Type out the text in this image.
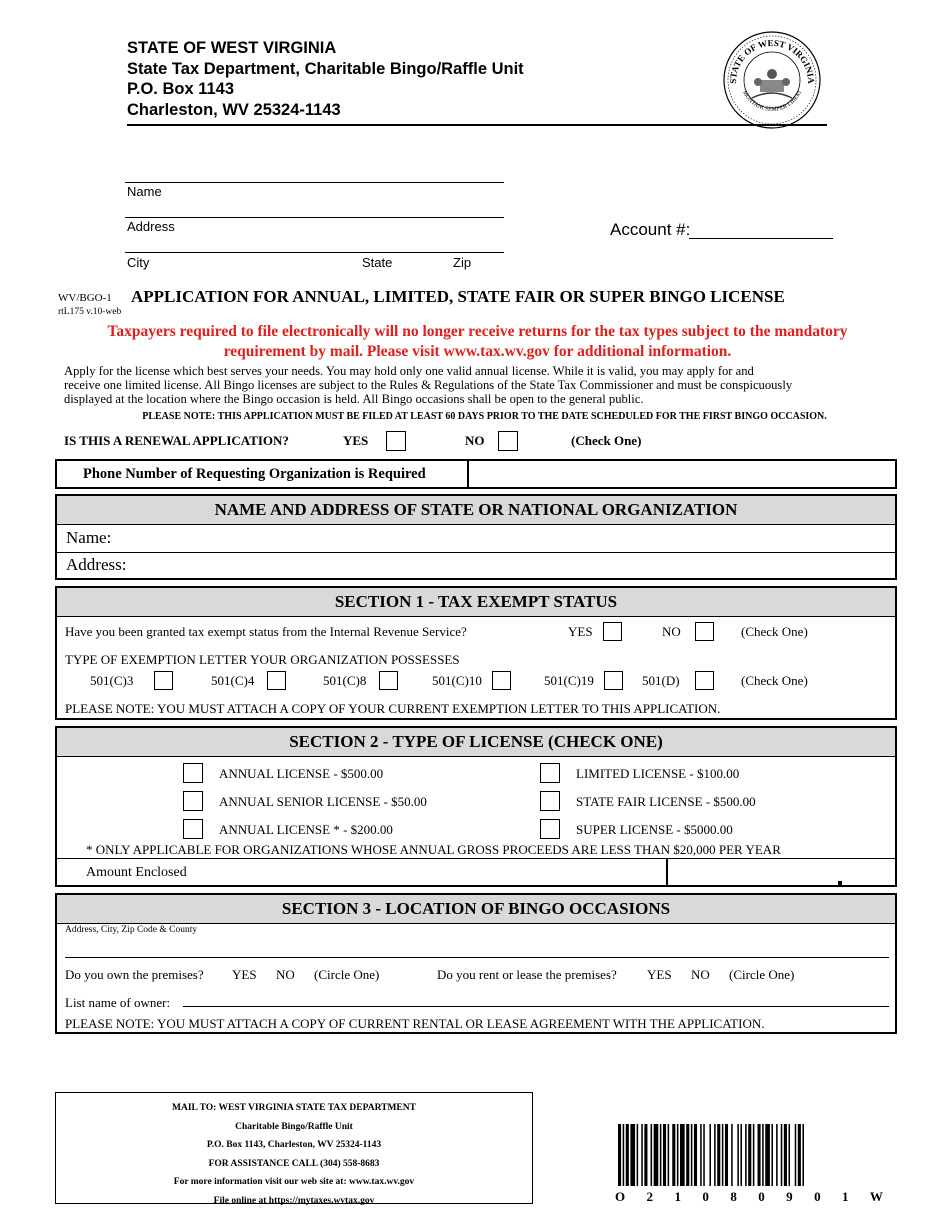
STATE OF WEST VIRGINIA
State Tax Department, Charitable Bingo/Raffle Unit
P.O. Box 1143
Charleston, WV 25324-1143
STATE OF WEST VIRGINIA
MONTANI SEMPER LIBERI
Name
Address
City	State	Zip
Account #:
WV/BGO-1
rtL175 v.10-web
APPLICATION FOR ANNUAL, LIMITED, STATE FAIR OR SUPER BINGO LICENSE
Taxpayers required to file electronically will no longer receive returns for the tax types subject to the mandatory
requirement by mail. Please visit www.tax.wv.gov for additional information.
Apply for the license which best serves your needs. You may hold only one valid annual license. While it is valid, you may apply for and
receive one limited license. All Bingo licenses are subject to the Rules & Regulations of the State Tax Commissioner and must be conspicuously
displayed at the location where the Bingo occasion is held. All Bingo occasions shall be open to the general public.
PLEASE NOTE: THIS APPLICATION MUST BE FILED AT LEAST 60 DAYS PRIOR TO THE DATE SCHEDULED FOR THE FIRST BINGO OCCASION.
IS THIS A RENEWAL APPLICATION?	YES	NO	(Check One)
Phone Number of Requesting Organization is Required
NAME AND ADDRESS OF STATE OR NATIONAL ORGANIZATION
Name:
Address:
SECTION 1 - TAX EXEMPT STATUS
Have you been granted tax exempt status from the Internal Revenue Service?	YES	NO	(Check One)
TYPE OF EXEMPTION LETTER YOUR ORGANIZATION POSSESSES
501(C)3	501(C)4	501(C)8	501(C)10	501(C)19	501(D)	(Check One)
PLEASE NOTE: YOU MUST ATTACH A COPY OF YOUR CURRENT EXEMPTION LETTER TO THIS APPLICATION.
SECTION 2 - TYPE OF LICENSE (CHECK ONE)
ANNUAL LICENSE - $500.00
ANNUAL SENIOR LICENSE - $50.00
ANNUAL LICENSE * - $200.00
LIMITED LICENSE - $100.00
STATE FAIR LICENSE - $500.00
SUPER LICENSE - $5000.00
* ONLY APPLICABLE FOR ORGANIZATIONS WHOSE ANNUAL GROSS PROCEEDS ARE LESS THAN $20,000 PER YEAR
Amount Enclosed
SECTION 3 - LOCATION OF BINGO OCCASIONS
Address, City, Zip Code & County
Do you own the premises? YES NO (Circle One)	Do you rent or lease the premises? YES NO (Circle One)
List name of owner:
PLEASE NOTE: YOU MUST ATTACH A COPY OF CURRENT RENTAL OR LEASE AGREEMENT WITH THE APPLICATION.
MAIL TO: WEST VIRGINIA STATE TAX DEPARTMENT
Charitable Bingo/Raffle Unit
P.O. Box 1143, Charleston, WV 25324-1143
FOR ASSISTANCE CALL (304) 558-8683
For more information visit our web site at: www.tax.wv.gov
File online at https://mytaxes.wvtax.gov	O 2 1 0 8 0 9 0 1 W
